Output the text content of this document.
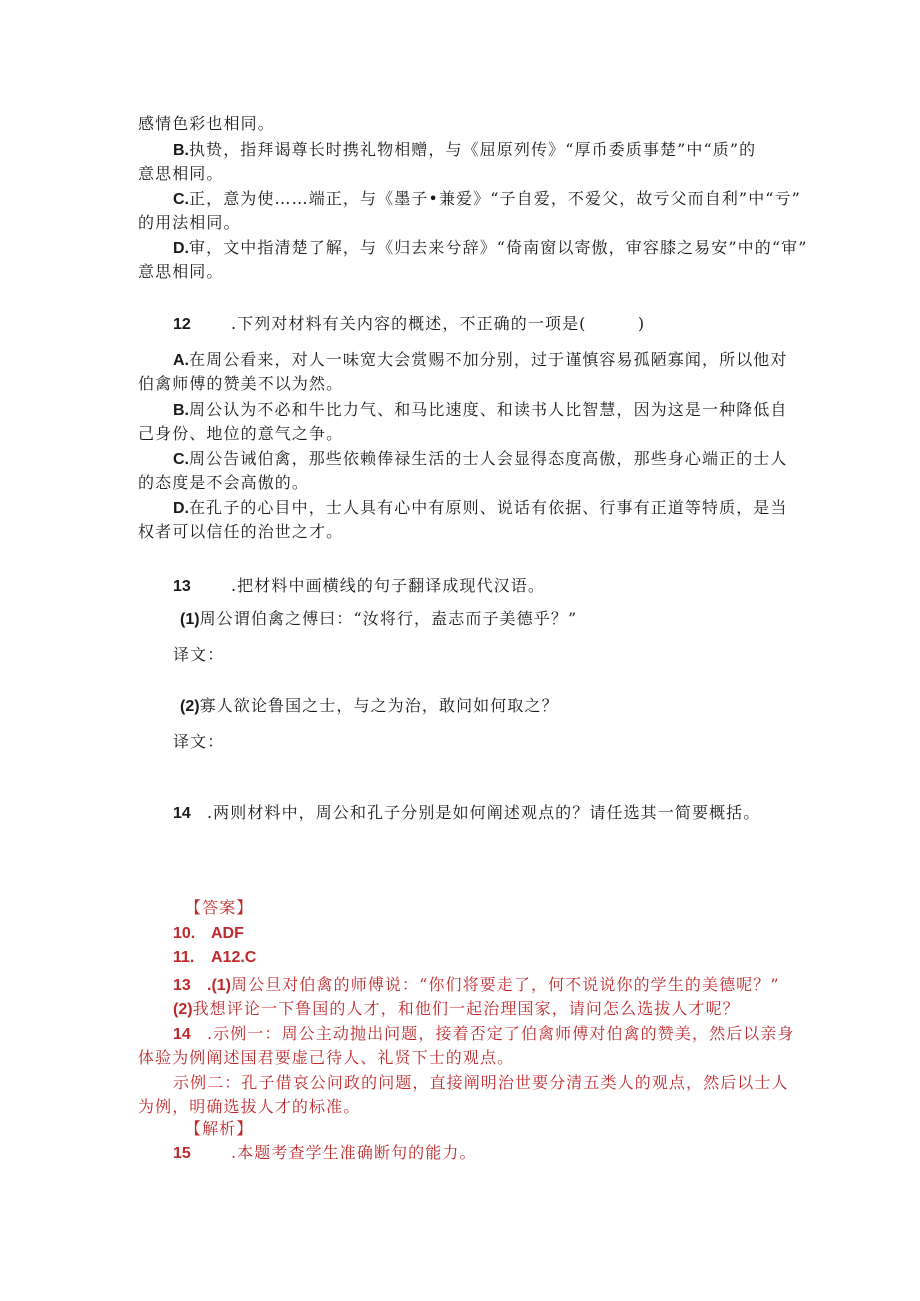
感情色彩也相同。
B.执贽，指拜谒尊长时携礼物相赠，与《屈原列传》“厚币委质事楚”中“质”的
意思相同。
C.正，意为使……端正，与《墨子•兼爱》“子自爱，不爱父，故亏父而自利”中“亏”
的用法相同。
D.审，文中指清楚了解，与《归去来兮辞》“倚南窗以寄傲，审容膝之易安”中的“审”
意思相同。
12	.下列对材料有关内容的概述，不正确的一项是(　　　)
A.在周公看来，对人一味宽大会赏赐不加分别，过于谨慎容易孤陋寡闻，所以他对
伯禽师傅的赞美不以为然。
B.周公认为不必和牛比力气、和马比速度、和读书人比智慧，因为这是一种降低自
己身份、地位的意气之争。
C.周公告诫伯禽，那些依赖俸禄生活的士人会显得态度高傲，那些身心端正的士人
的态度是不会高傲的。
D.在孔子的心目中，士人具有心中有原则、说话有依据、行事有正道等特质，是当
权者可以信任的治世之才。
13	.把材料中画横线的句子翻译成现代汉语。
(1)周公谓伯禽之傅曰：“汝将行，盍志而子美德乎？”
译文：
(2)寡人欲论鲁国之士，与之为治，敢问如何取之？
译文：
14 .两则材料中，周公和孔子分别是如何阐述观点的？请任选其一简要概括。
【答案】
10. ADF
11. A12.C
13 .(1)周公旦对伯禽的师傅说：“你们将要走了，何不说说你的学生的美德呢？”
(2)我想评论一下鲁国的人才，和他们一起治理国家，请问怎么选拔人才呢？
14 .示例一：周公主动抛出问题，接着否定了伯禽师傅对伯禽的赞美，然后以亲身
体验为例阐述国君要虚己待人、礼贤下士的观点。
示例二：孔子借哀公问政的问题，直接阐明治世要分清五类人的观点，然后以士人
为例，明确选拔人才的标准。
【解析】
15	.本题考查学生准确断句的能力。
